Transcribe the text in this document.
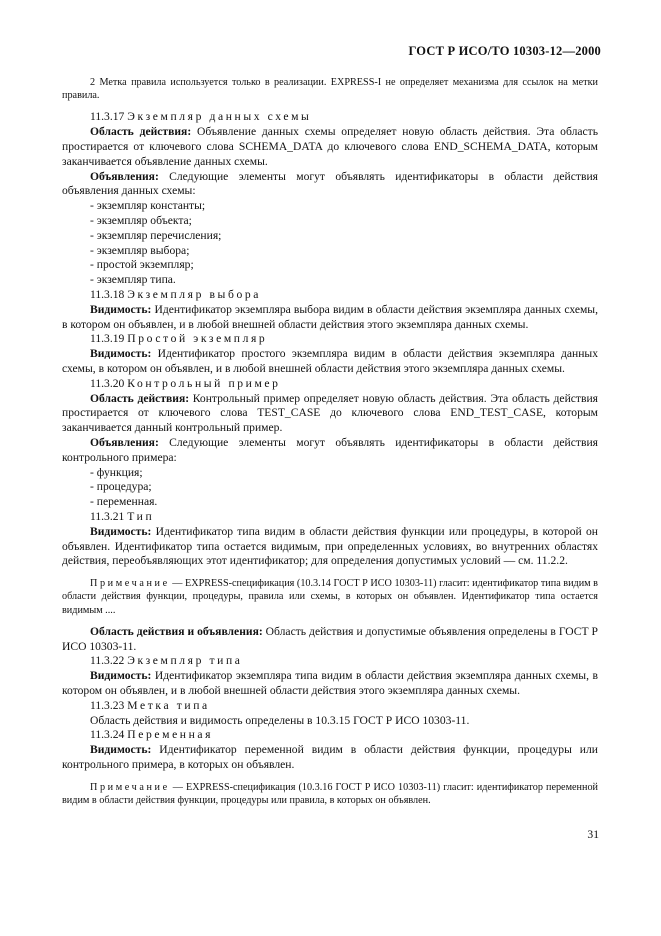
ГОСТ Р ИСО/ТО 10303-12—2000

2 Метка правила используется только в реализации. EXPRESS-I не определяет механизма для ссылок на метки правила.

11.3.17 Экземпляр данных схемы

Область действия: Объявление данных схемы определяет новую область действия. Эта область простирается от ключевого слова SCHEMA_DATA до ключевого слова END_SCHEMA_DATA, которым заканчивается объявление данных схемы.

Объявления: Следующие элементы могут объявлять идентификаторы в области действия объявления данных схемы:

- экземпляр константы;
- экземпляр объекта;
- экземпляр перечисления;
- экземпляр выбора;
- простой экземпляр;
- экземпляр типа.
11.3.18 Экземпляр выбора

Видимость: Идентификатор экземпляра выбора видим в области действия экземпляра данных схемы, в котором он объявлен, и в любой внешней области действия этого экземпляра данных схемы.

11.3.19 Простой экземпляр

Видимость: Идентификатор простого экземпляра видим в области действия экземпляра данных схемы, в котором он объявлен, и в любой внешней области действия этого экземпляра данных схемы.

11.3.20 Контрольный пример

Область действия: Контрольный пример определяет новую область действия. Эта область действия простирается от ключевого слова TEST_CASE до ключевого слова END_TEST_CASE, которым заканчивается данный контрольный пример.

Объявления: Следующие элементы могут объявлять идентификаторы в области действия контрольного примера:

- функция;
- процедура;
- переменная.
11.3.21 Тип

Видимость: Идентификатор типа видим в области действия функции или процедуры, в которой он объявлен. Идентификатор типа остается видимым, при определенных условиях, во внутренних областях действия, переобъявляющих этот идентификатор; для определения допустимых условий — см. 11.2.2.

Примечание — EXPRESS-спецификация (10.3.14 ГОСТ Р ИСО 10303-11) гласит: идентификатор типа видим в области действия функции, процедуры, правила или схемы, в которых он объявлен. Идентификатор типа остается видимым ....

Область действия и объявления: Область действия и допустимые объявления определены в ГОСТ Р ИСО 10303-11.

11.3.22 Экземпляр типа

Видимость: Идентификатор экземпляра типа видим в области действия экземпляра данных схемы, в котором он объявлен, и в любой внешней области действия этого экземпляра данных схемы.

11.3.23 Метка типа

Область действия и видимость определены в 10.3.15 ГОСТ Р ИСО 10303-11.

11.3.24 Переменная

Видимость: Идентификатор переменной видим в области действия функции, процедуры или контрольного примера, в которых он объявлен.

Примечание — EXPRESS-спецификация (10.3.16 ГОСТ Р ИСО 10303-11) гласит: идентификатор переменной видим в области действия функции, процедуры или правила, в которых он объявлен.

31
